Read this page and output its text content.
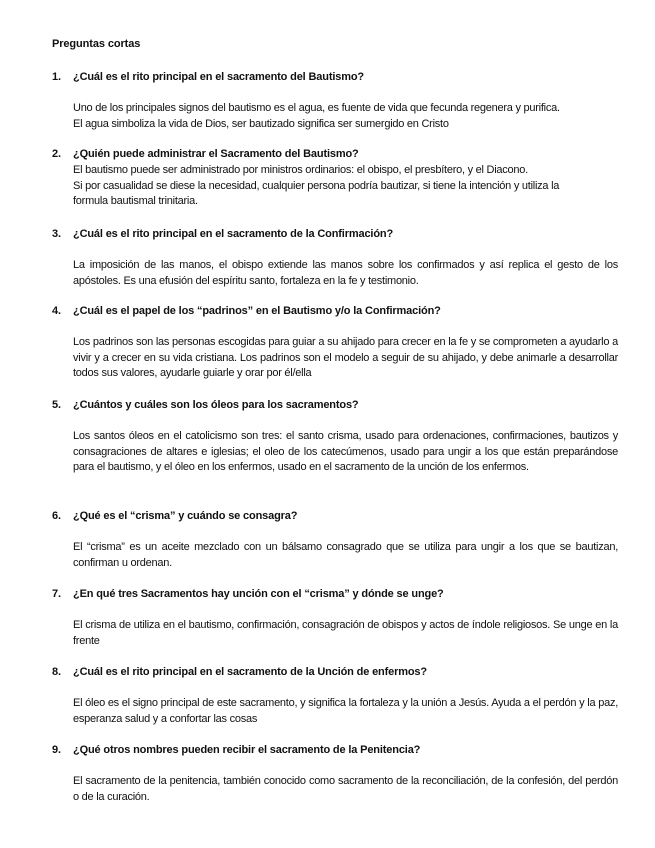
Preguntas cortas
1. ¿Cuál es el rito principal en el sacramento del Bautismo?
Uno de los principales signos del bautismo es el agua, es fuente de vida que fecunda regenera y purifica.
El agua simboliza la vida de Dios, ser bautizado significa ser sumergido en Cristo
2. ¿Quién puede administrar el Sacramento del Bautismo?
El bautismo puede ser administrado por ministros ordinarios: el obispo, el presbítero, y el Diacono.
Si por casualidad se diese la necesidad, cualquier persona podría bautizar, si tiene la intención y utiliza la
formula bautismal trinitaria.
3. ¿Cuál es el rito principal en el sacramento de la Confirmación?
La imposición de las manos, el obispo extiende las manos sobre los confirmados y así replica el gesto de los apóstoles. Es una efusión del espíritu santo, fortaleza en la fe y testimonio.
4. ¿Cuál es el papel de los “padrinos” en el Bautismo y/o la Confirmación?
Los padrinos son las personas escogidas para guiar a su ahijado para crecer en la fe y se comprometen a ayudarlo a vivir y a crecer en su vida cristiana. Los padrinos son el modelo a seguir de su ahijado, y debe animarle a desarrollar todos sus valores, ayudarle guiarle y orar por él/ella
5. ¿Cuántos y cuáles son los óleos para los sacramentos?
Los santos óleos en el catolicismo son tres: el santo crisma, usado para ordenaciones, confirmaciones, bautizos y consagraciones de altares e iglesias; el oleo de los catecúmenos, usado para ungir a los que están preparándose para el bautismo, y el óleo en los enfermos, usado en el sacramento de la unción de los enfermos.
6. ¿Qué es el “crisma” y cuándo se consagra?
El “crisma” es un aceite mezclado con un bálsamo consagrado que se utiliza para ungir a los que se bautizan, confirman u ordenan.
7. ¿En qué tres Sacramentos hay unción con el “crisma” y dónde se unge?
El crisma de utiliza en el bautismo, confirmación, consagración de obispos y actos de índole religiosos. Se unge en la frente
8. ¿Cuál es el rito principal en el sacramento de la Unción de enfermos?
El óleo es el signo principal de este sacramento, y significa la fortaleza y la unión a Jesús. Ayuda a el perdón y la paz, esperanza salud y a confortar las cosas
9. ¿Qué otros nombres pueden recibir el sacramento de la Penitencia?
El sacramento de la penitencia, también conocido como sacramento de la reconciliación, de la confesión, del perdón o de la curación.
